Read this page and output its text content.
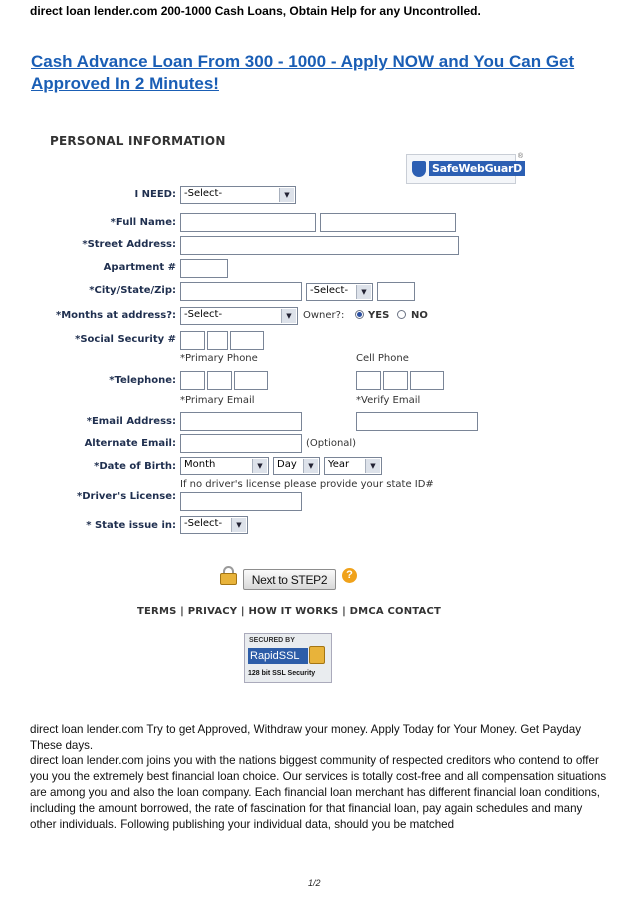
direct loan lender.com 200-1000 Cash Loans, Obtain Help for any Uncontrolled.
Cash Advance Loan From 300 - 1000 - Apply NOW and You Can Get Approved In 2 Minutes!
PERSONAL INFORMATION
SafeWebGuarD
®
I NEED: -Select-	▼
*Full Name:
*Street Address:
Apartment #
*City/State/Zip:	-Select-	▼
*Months at address?: -Select-	▼	Owner?: YES NO
*Social Security #
*Primary Phone	Cell Phone
*Telephone:
*Primary Email	*Verify Email
*Email Address:
Alternate Email:	(Optional)
*Date of Birth: Month	▼	Day	▼	Year	▼
If no driver's license please provide your state ID#
*Driver's License:
* State issue in: -Select-	▼
Next to STEP2	?
TERMS | PRIVACY | HOW IT WORKS | DMCA CONTACT
SECURED BY
RapidSSL
128 bit SSL Security
direct loan lender.com Try to get Approved, Withdraw your money. Apply Today for Your Money. Get Payday These days.
direct loan lender.com joins you with the nations biggest community of respected creditors who contend to offer you you the extremely best financial loan choice. Our services is totally cost-free and all compensation situations are among you and also the loan company. Each financial loan merchant has different financial loan conditions, including the amount borrowed, the rate of fascination for that financial loan, pay again schedules and many other individuals. Following publishing your individual data, should you be matched
1/2
